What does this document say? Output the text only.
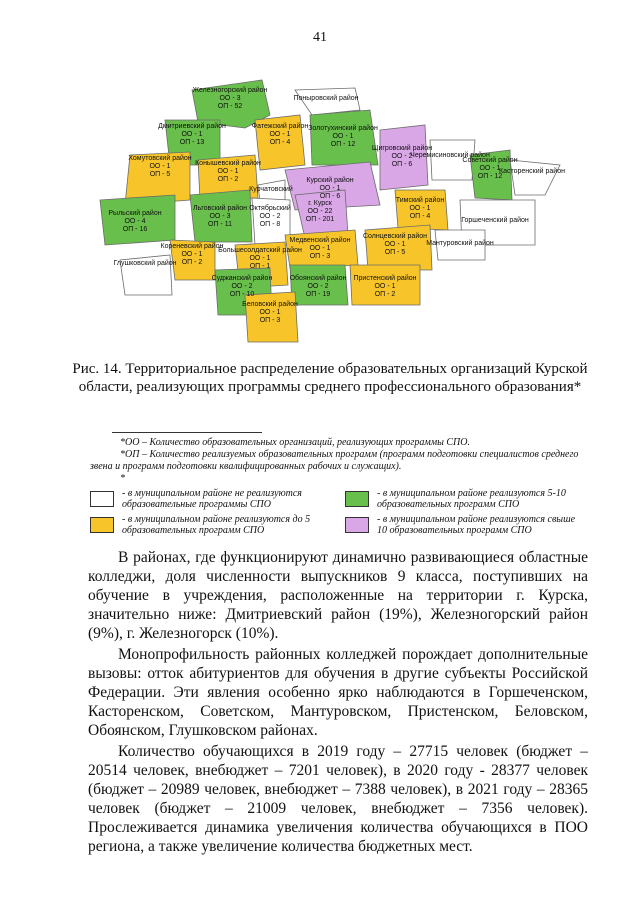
41
Железногорский район
ОО - 3
ОП - 52
Поныровский район
Дмитриевский район
ОО - 1
ОП - 13
Фатежский район
ОО - 1
ОП - 4
Золотухинский район
ОО - 1
ОП - 12
Хомутовский район
ОО - 1
ОП - 5
Конышевский район
ОО - 1
ОП - 2
Курчатовский
Курский район
ОО - 1
ОП - 6
Щигровский район
ОО - 2
ОП - 6
Черемисиновский район
Советский район
ОО - 1
ОП - 12
Касторенский район
Рыльский район
ОО - 4
ОП - 16
Льговский район
ОО - 3
ОП - 11
Октябрьский
ОО - 2
ОП - 8
г. Курск
ОО - 22
ОП - 201
Тимский район
ОО - 1
ОП - 4
Горшеченский район
Кореневский район
ОО - 1
ОП - 2
Медвенский район
ОО - 1
ОП - 3
Солнцевский район
ОО - 1
ОП - 5
Мантуровский район
Глушковский район
Большесолдатский район
ОО - 1
ОП - 1
Суджанский район
ОО - 2
ОП - 10
Обоянский район
ОО - 2
ОП - 19
Пристенский район
ОО - 1
ОП - 2
Беловский район
ОО - 1
ОП - 3
Рис. 14. Территориальное распределение образовательных организаций Курской области, реализующих программы среднего профессионального образования*

*ОО – Количество образовательных организаций, реализующих программы СПО.

*ОП – Количество реализуемых образовательных программ (программ подготовки специалистов среднего звена и программ подготовки квалифицированных рабочих и служащих).

*

- в муниципальном районе не реализуются образовательные программы СПО
- в муниципальном районе реализуются 5-10 образовательных программ СПО
- в муниципальном районе реализуются до 5 образовательных программ СПО
- в муниципальном районе реализуются свыше 10 образовательных программ СПО

В районах, где функционируют динамично развивающиеся областные колледжи, доля численности выпускников 9 класса, поступивших на обучение в учреждения, расположенные на территории г. Курска, значительно ниже: Дмитриевский район (19%), Железногорский район (9%), г. Железногорск (10%).

Монопрофильность районных колледжей порождает дополнительные вызовы: отток абитуриентов для обучения в другие субъекты Российской Федерации. Эти явления особенно ярко наблюдаются в Горшеченском, Касторенском, Советском, Мантуровском, Пристенском, Беловском, Обоянском, Глушковском районах.

Количество обучающихся в 2019 году – 27715 человек (бюджет – 20514 человек, внебюджет – 7201 человек), в 2020 году - 28377 человек (бюджет – 20989 человек, внебюджет – 7388 человек), в 2021 году – 28365 человек (бюджет – 21009 человек, внебюджет – 7356 человек). Прослеживается динамика увеличения количества обучающихся в ПОО региона, а также увеличение количества бюджетных мест.
